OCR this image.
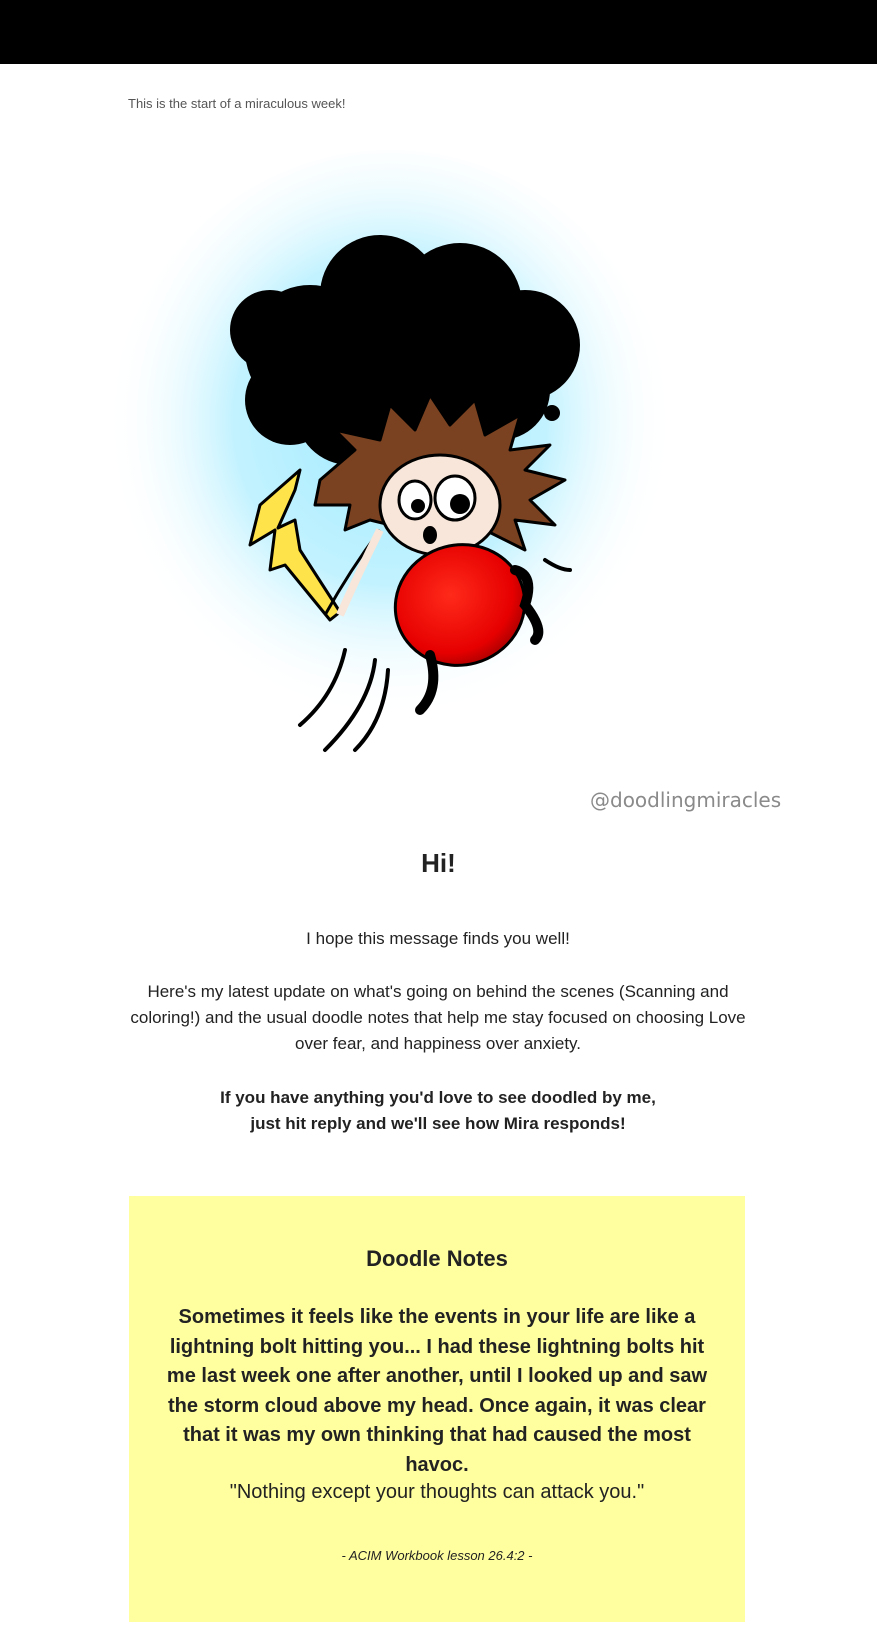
This is the start of a miraculous week!
@doodlingmiracles
Hi!

I hope this message finds you well!

Here's my latest update on what's going on behind the scenes (Scanning and coloring!) and the usual doodle notes that help me stay focused on choosing Love over fear, and happiness over anxiety.

If you have anything you'd love to see doodled by me,
just hit reply and we'll see how Mira responds!

Doodle Notes

Sometimes it feels like the events in your life are like a lightning bolt hitting you... I had these lightning bolts hit me last week one after another, until I looked up and saw the storm cloud above my head. Once again, it was clear that it was my own thinking that had caused the most havoc.

"Nothing except your thoughts can attack you."

- ACIM Workbook lesson 26.4:2 -
